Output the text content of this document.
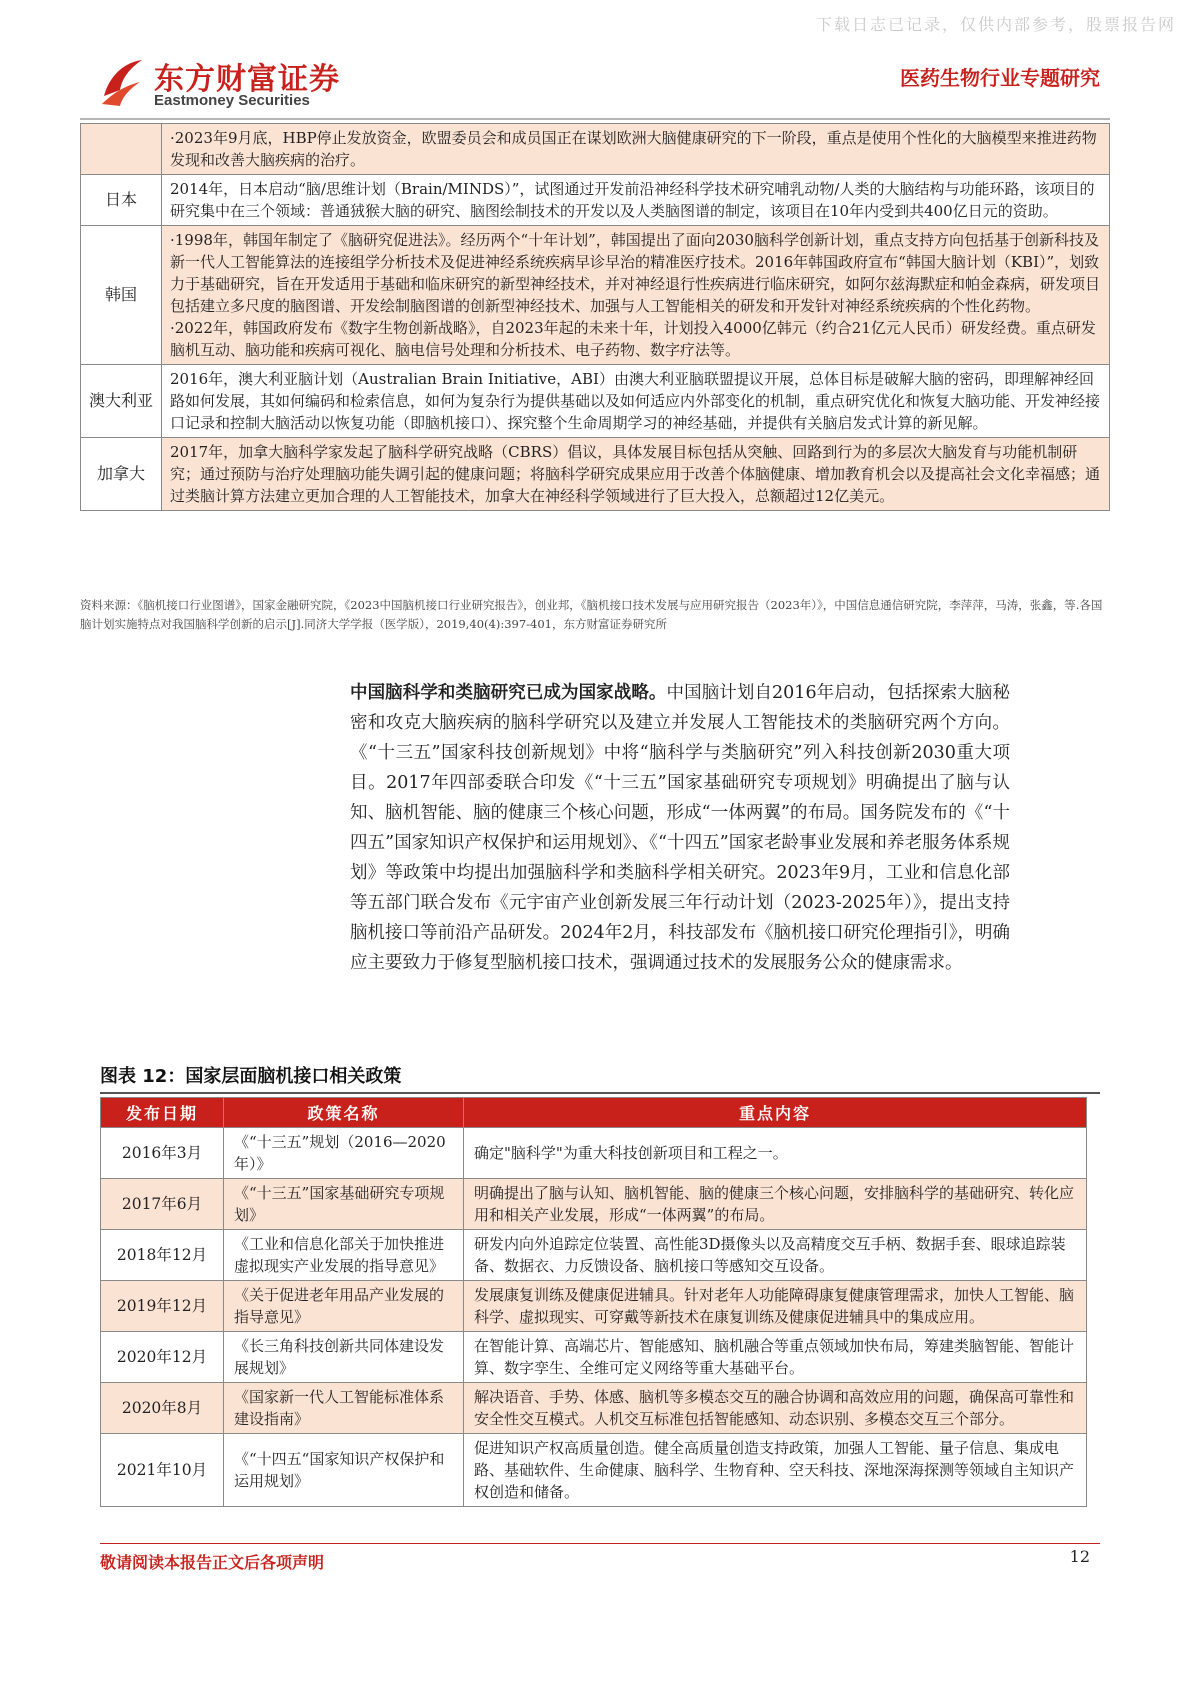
下载日志已记录，仅供内部参考，股票报告网
东方财富证券
Eastmoney Securities
医药生物行业专题研究

	·2023年9月底，HBP停止发放资金，欧盟委员会和成员国正在谋划欧洲大脑健康研究的下一阶段，重点是使用个性化的大脑模型来推进药物发现和改善大脑疾病的治疗。

日本	2014年，日本启动“脑/思维计划（Brain/MINDS）”，试图通过开发前沿神经科学技术研究哺乳动物/人类的大脑结构与功能环路，该项目的研究集中在三个领域：普通狨猴大脑的研究、脑图绘制技术的开发以及人类脑图谱的制定，该项目在10年内受到共400亿日元的资助。

韩国	·1998年，韩国年制定了《脑研究促进法》。经历两个“十年计划”，韩国提出了面向2030脑科学创新计划，重点支持方向包括基于创新科技及新一代人工智能算法的连接组学分析技术及促进神经系统疾病早诊早治的精准医疗技术。2016年韩国政府宣布“韩国大脑计划（KBI）”，划致力于基础研究，旨在开发适用于基础和临床研究的新型神经技术，并对神经退行性疾病进行临床研究，如阿尔兹海默症和帕金森病，研发项目包括建立多尺度的脑图谱、开发绘制脑图谱的创新型神经技术、加强与人工智能相关的研发和开发针对神经系统疾病的个性化药物。
·2022年，韩国政府发布《数字生物创新战略》，自2023年起的未来十年，计划投入4000亿韩元（约合21亿元人民币）研发经费。重点研发脑机互动、脑功能和疾病可视化、脑电信号处理和分析技术、电子药物、数字疗法等。

澳大利亚	2016年，澳大利亚脑计划（Australian Brain Initiative，ABI）由澳大利亚脑联盟提议开展，总体目标是破解大脑的密码，即理解神经回路如何发展，其如何编码和检索信息，如何为复杂行为提供基础以及如何适应内外部变化的机制，重点研究优化和恢复大脑功能、开发神经接口记录和控制大脑活动以恢复功能（即脑机接口）、探究整个生命周期学习的神经基础，并提供有关脑启发式计算的新见解。

加拿大	2017年，加拿大脑科学家发起了脑科学研究战略（CBRS）倡议，具体发展目标包括从突触、回路到行为的多层次大脑发育与功能机制研究；通过预防与治疗处理脑功能失调引起的健康问题；将脑科学研究成果应用于改善个体脑健康、增加教育机会以及提高社会文化幸福感；通过类脑计算方法建立更加合理的人工智能技术，加拿大在神经科学领域进行了巨大投入，总额超过12亿美元。
资料来源：《脑机接口行业图谱》，国家金融研究院，《2023中国脑机接口行业研究报告》，创业邦，《脑机接口技术发展与应用研究报告（2023年）》，中国信息通信研究院，李萍萍，马涛，张鑫，等.各国脑计划实施特点对我国脑科学创新的启示[J].同济大学学报（医学版），2019,40(4):397-401，东方财富证券研究所
中国脑科学和类脑研究已成为国家战略。中国脑计划自2016年启动，包括探索大脑秘密和攻克大脑疾病的脑科学研究以及建立并发展人工智能技术的类脑研究两个方向。《“十三五”国家科技创新规划》中将“脑科学与类脑研究”列入科技创新2030重大项目。2017年四部委联合印发《“十三五”国家基础研究专项规划》明确提出了脑与认知、脑机智能、脑的健康三个核心问题，形成“一体两翼”的布局。国务院发布的《“十四五”国家知识产权保护和运用规划》、《“十四五”国家老龄事业发展和养老服务体系规划》等政策中均提出加强脑科学和类脑科学相关研究。2023年9月，工业和信息化部等五部门联合发布《元宇宙产业创新发展三年行动计划（2023-2025年）》，提出支持脑机接口等前沿产品研发。2024年2月，科技部发布《脑机接口研究伦理指引》，明确应主要致力于修复型脑机接口技术，强调通过技术的发展服务公众的健康需求。
图表 12：国家层面脑机接口相关政策
发布日期	政策名称	重点内容
2016年3月	《“十三五”规划（2016—2020年）》	确定"脑科学"为重大科技创新项目和工程之一。
2017年6月	《“十三五”国家基础研究专项规划》	明确提出了脑与认知、脑机智能、脑的健康三个核心问题，安排脑科学的基础研究、转化应用和相关产业发展，形成“一体两翼”的布局。
2018年12月	《工业和信息化部关于加快推进虚拟现实产业发展的指导意见》	研发内向外追踪定位装置、高性能3D摄像头以及高精度交互手柄、数据手套、眼球追踪装备、数据衣、力反馈设备、脑机接口等感知交互设备。
2019年12月	《关于促进老年用品产业发展的指导意见》	发展康复训练及健康促进辅具。针对老年人功能障碍康复健康管理需求，加快人工智能、脑科学、虚拟现实、可穿戴等新技术在康复训练及健康促进辅具中的集成应用。
2020年12月	《长三角科技创新共同体建设发展规划》	在智能计算、高端芯片、智能感知、脑机融合等重点领域加快布局，筹建类脑智能、智能计算、数字孪生、全维可定义网络等重大基础平台。
2020年8月	《国家新一代人工智能标准体系建设指南》	解决语音、手势、体感、脑机等多模态交互的融合协调和高效应用的问题，确保高可靠性和安全性交互模式。人机交互标准包括智能感知、动态识别、多模态交互三个部分。
2021年10月	《“十四五“国家知识产权保护和运用规划》	促进知识产权高质量创造。健全高质量创造支持政策，加强人工智能、量子信息、集成电路、基础软件、生命健康、脑科学、生物育种、空天科技、深地深海探测等领域自主知识产权创造和储备。
敬请阅读本报告正文后各项声明	12
